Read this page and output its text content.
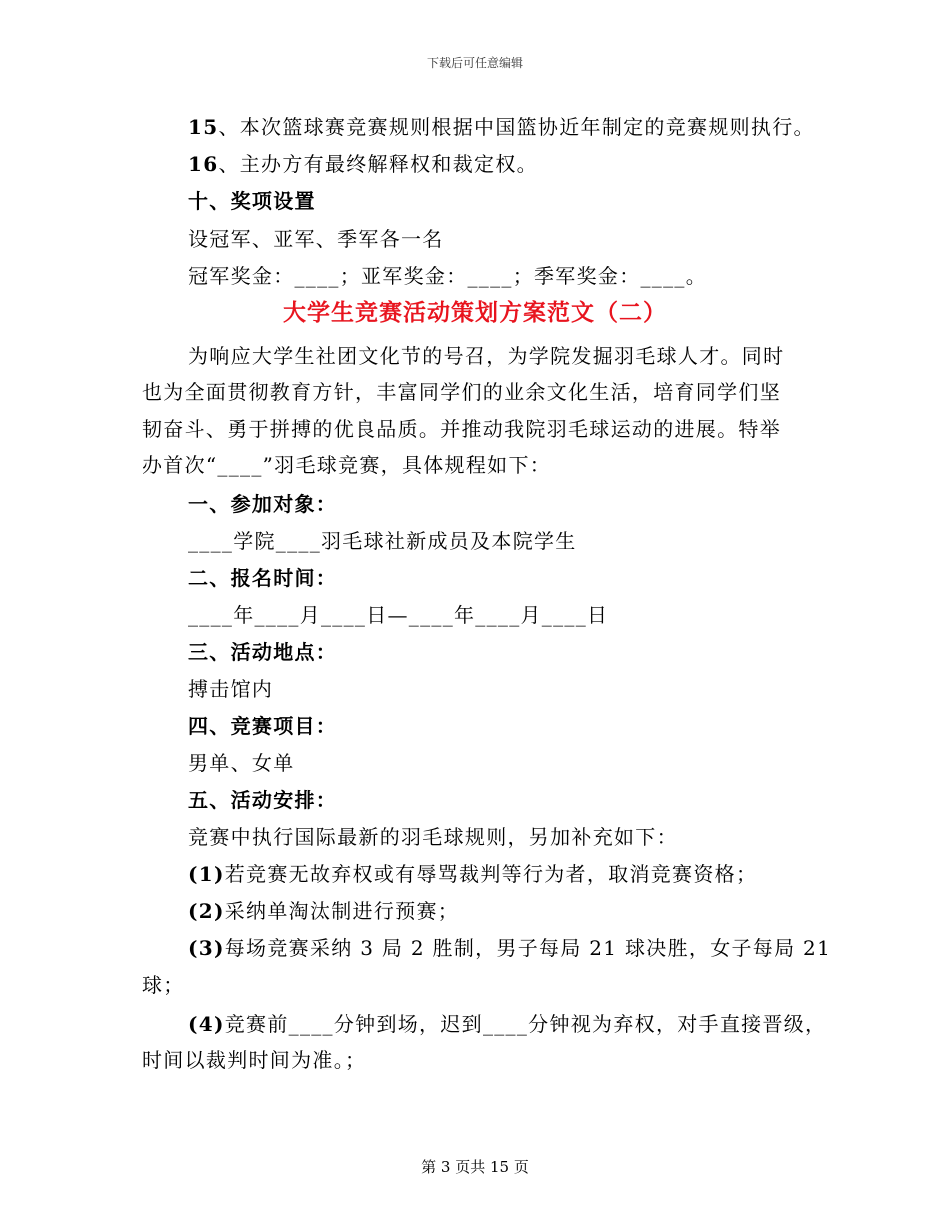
下载后可任意编辑
15、本次篮球赛竞赛规则根据中国篮协近年制定的竞赛规则执行。
16、主办方有最终解释权和裁定权。
十、奖项设置
设冠军、亚军、季军各一名
冠军奖金：____；亚军奖金：____；季军奖金：____。
大学生竞赛活动策划方案范文（二）
为响应大学生社团文化节的号召，为学院发掘羽毛球人才。同时
也为全面贯彻教育方针，丰富同学们的业余文化生活，培育同学们坚
韧奋斗、勇于拼搏的优良品质。并推动我院羽毛球运动的进展。特举
办首次“____”羽毛球竞赛，具体规程如下：
一、参加对象：
____学院____羽毛球社新成员及本院学生
二、报名时间：
____年____月____日—____年____月____日
三、活动地点：
搏击馆内
四、竞赛项目：
男单、女单
五、活动安排：
竞赛中执行国际最新的羽毛球规则，另加补充如下：
(1)若竞赛无故弃权或有辱骂裁判等行为者，取消竞赛资格；
(2)采纳单淘汰制进行预赛；
(3)每场竞赛采纳 3 局 2 胜制，男子每局 21 球决胜，女子每局 21
球；
(4)竞赛前____分钟到场，迟到____分钟视为弃权，对手直接晋级，
时间以裁判时间为准。；
第 3 页共 15 页
